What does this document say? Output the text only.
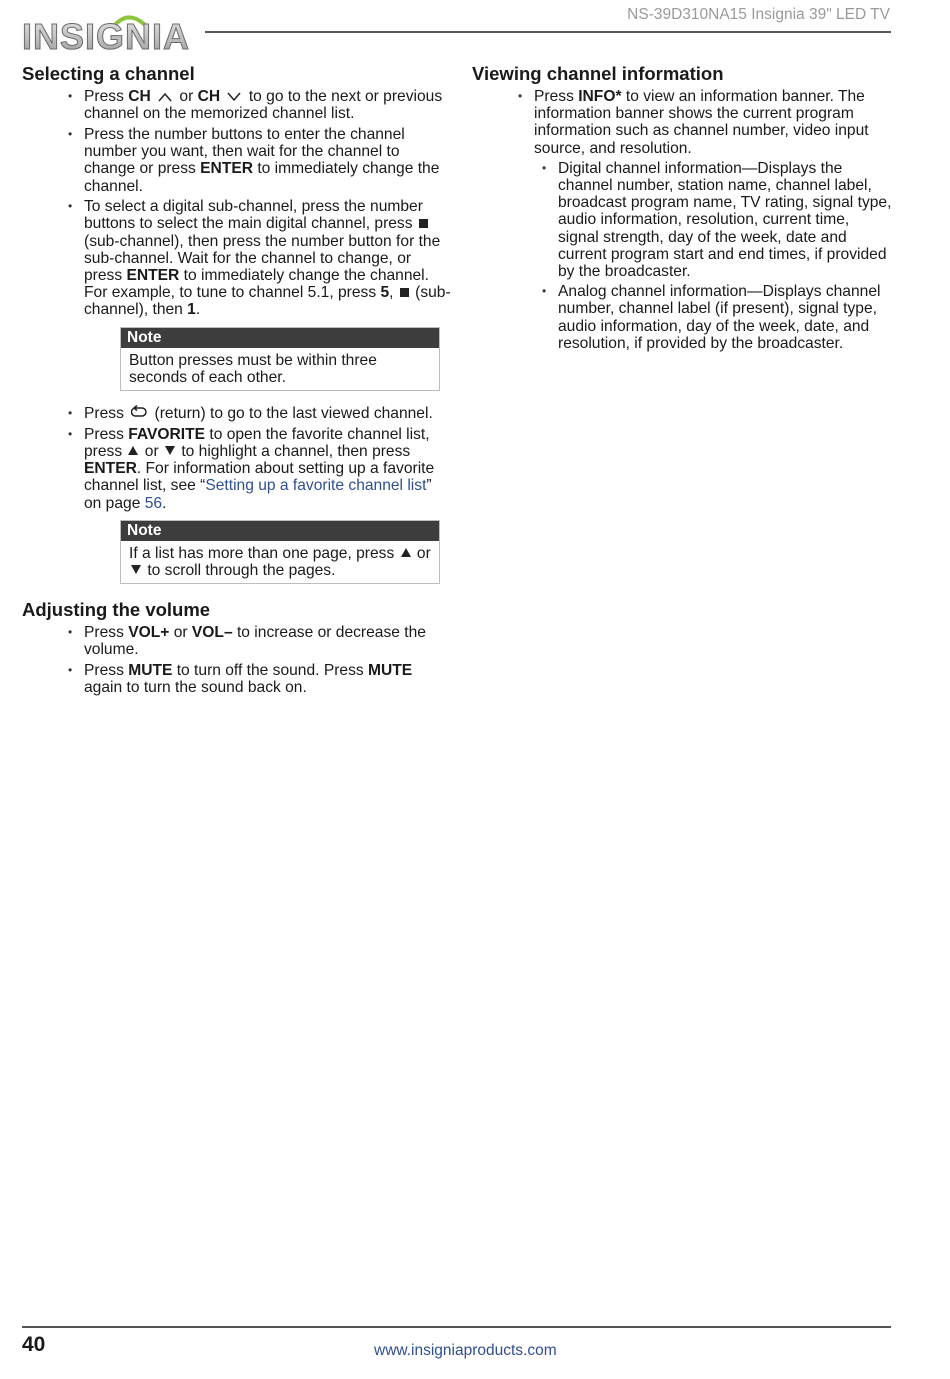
INSIGNIA
NS-39D310NA15 Insignia 39" LED TV
Selecting a channel
• Press CH  or CH  to go to the next or previous channel on the memorized channel list.
• Press the number buttons to enter the channel number you want, then wait for the channel to change or press ENTER to immediately change the channel.
• To select a digital sub-channel, press the number buttons to select the main digital channel, press  (sub-channel), then press the number button for the sub-channel. Wait for the channel to change, or press ENTER to immediately change the channel. For example, to tune to channel 5.1, press 5,  (sub-channel), then 1.
Note
Button presses must be within three seconds of each other.
• Press  (return) to go to the last viewed channel.
• Press FAVORITE to open the favorite channel list, press  or  to highlight a channel, then press ENTER. For information about setting up a favorite channel list, see “Setting up a favorite channel list” on page 56.
Note
If a list has more than one page, press  or
to scroll through the pages.
Adjusting the volume
• Press VOL+ or VOL– to increase or decrease the volume.
• Press MUTE to turn off the sound. Press MUTE again to turn the sound back on.
Viewing channel information
• Press INFO* to view an information banner. The information banner shows the current program information such as channel number, video input source, and resolution.
• Digital channel information—Displays the channel number, station name, channel label, broadcast program name, TV rating, signal type, audio information, resolution, current time, signal strength, day of the week, date and current program start and end times, if provided by the broadcaster.
• Analog channel information—Displays channel number, channel label (if present), signal type, audio information, day of the week, date, and resolution, if provided by the broadcaster.
40	www.insigniaproducts.com
